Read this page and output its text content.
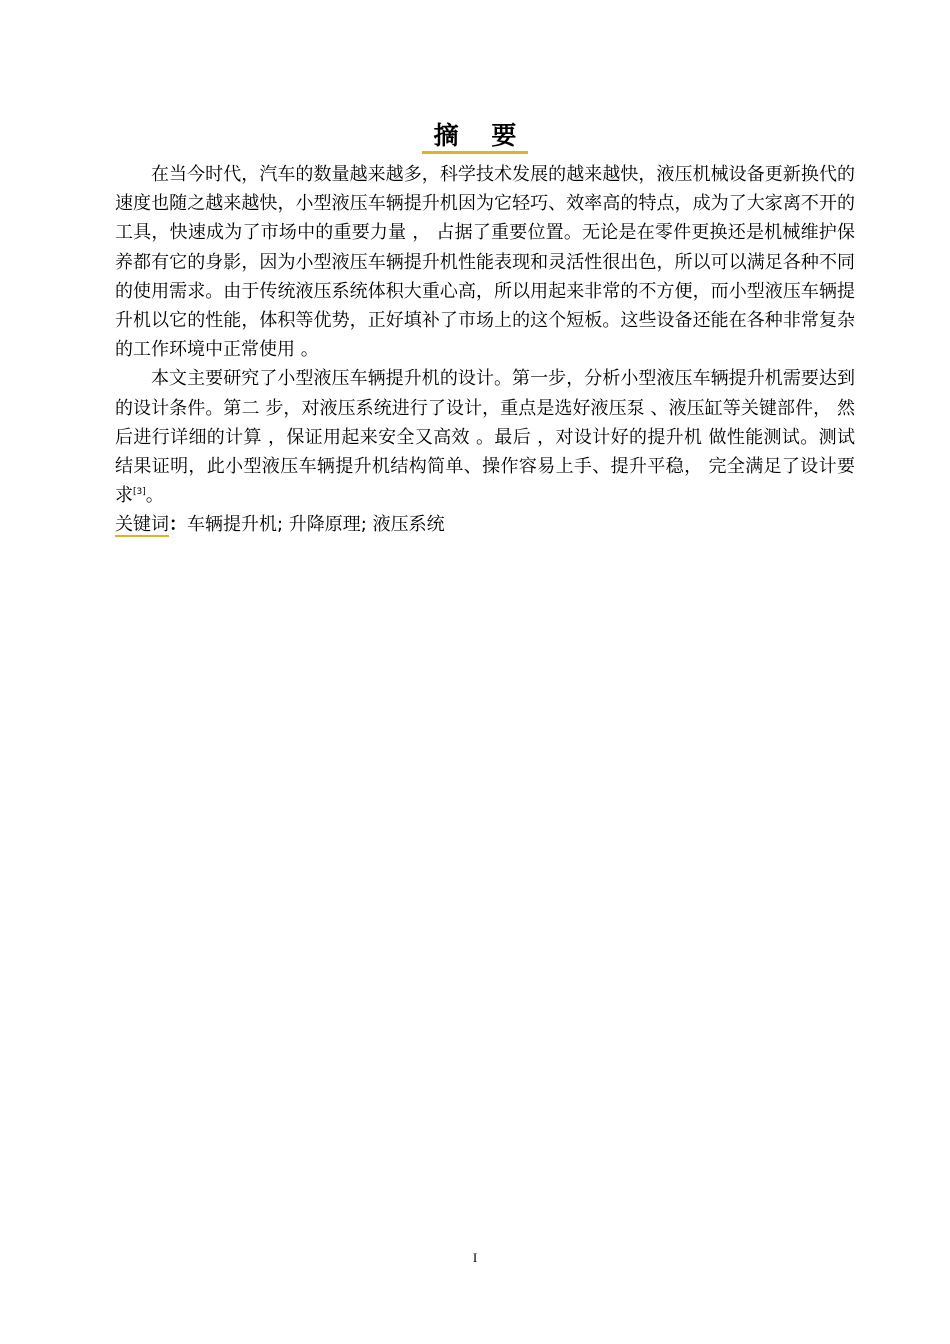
摘 要

在当今时代，汽车的数量越来越多，科学技术发展的越来越快，液压机械设备更新换代的速度也随之越来越快，小型液压车辆提升机因为它轻巧、效率高的特点，成为了大家离不开的工具，快速成为了市场中的重要力量 ， 占据了重要位置。无论是在零件更换还是机械维护保养都有它的身影，因为小型液压车辆提升机性能表现和灵活性很出色，所以可以满足各种不同的使用需求。由于传统液压系统体积大重心高，所以用起来非常的不方便，而小型液压车辆提升机以它的性能，体积等优势，正好填补了市场上的这个短板。这些设备还能在各种非常复杂的工作环境中正常使用 。

本文主要研究了小型液压车辆提升机的设计。第一步，分析小型液压车辆提升机需要达到的设计条件。第二 步，对液压系统进行了设计，重点是选好液压泵 、液压缸等关键部件， 然后进行详细的计算 ，保证用起来安全又高效 。最后 ，对设计好的提升机 做性能测试。测试结果证明，此小型液压车辆提升机结构简单、操作容易上手、提升平稳， 完全满足了设计要求[3]。

关键词：车辆提升机; 升降原理; 液压系统

I
